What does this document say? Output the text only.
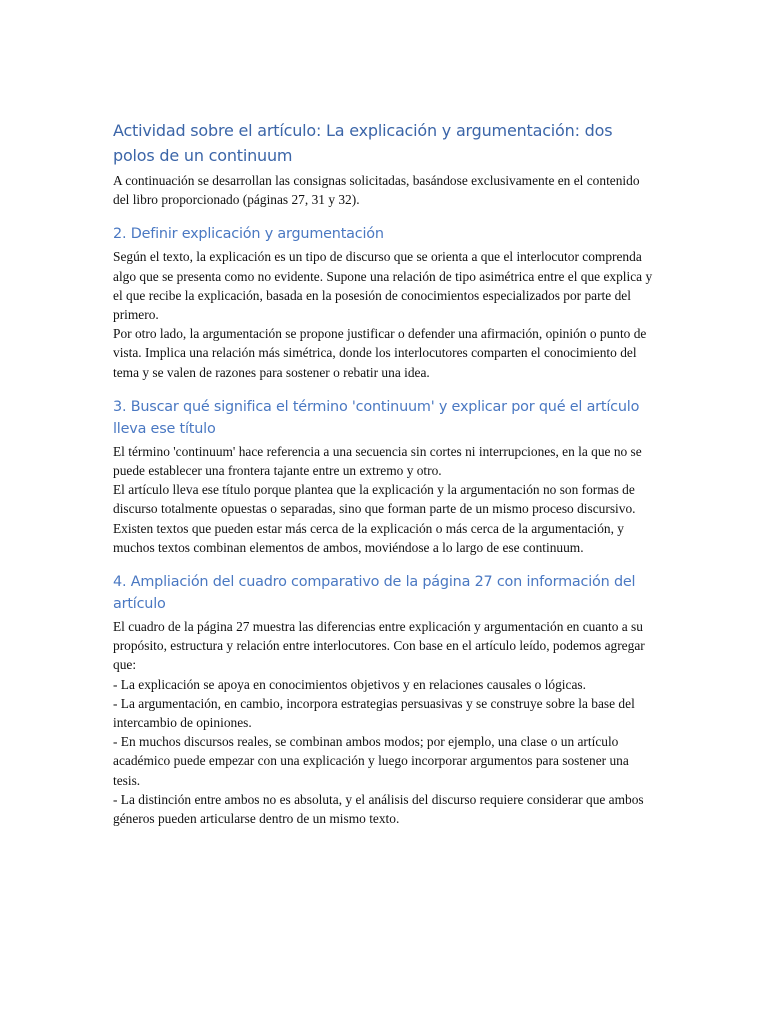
Actividad sobre el artículo: La explicación y argumentación: dos polos de un continuum

A continuación se desarrollan las consignas solicitadas, basándose exclusivamente en el contenido del libro proporcionado (páginas 27, 31 y 32).

2. Definir explicación y argumentación

Según el texto, la explicación es un tipo de discurso que se orienta a que el interlocutor comprenda algo que se presenta como no evidente. Supone una relación de tipo asimétrica entre el que explica y el que recibe la explicación, basada en la posesión de conocimientos especializados por parte del primero.

Por otro lado, la argumentación se propone justificar o defender una afirmación, opinión o punto de vista. Implica una relación más simétrica, donde los interlocutores comparten el conocimiento del tema y se valen de razones para sostener o rebatir una idea.

3. Buscar qué significa el término 'continuum' y explicar por qué el artículo lleva ese título

El término 'continuum' hace referencia a una secuencia sin cortes ni interrupciones, en la que no se puede establecer una frontera tajante entre un extremo y otro.

El artículo lleva ese título porque plantea que la explicación y la argumentación no son formas de discurso totalmente opuestas o separadas, sino que forman parte de un mismo proceso discursivo. Existen textos que pueden estar más cerca de la explicación o más cerca de la argumentación, y muchos textos combinan elementos de ambos, moviéndose a lo largo de ese continuum.

4. Ampliación del cuadro comparativo de la página 27 con información del artículo

El cuadro de la página 27 muestra las diferencias entre explicación y argumentación en cuanto a su propósito, estructura y relación entre interlocutores. Con base en el artículo leído, podemos agregar que:

- La explicación se apoya en conocimientos objetivos y en relaciones causales o lógicas.

- La argumentación, en cambio, incorpora estrategias persuasivas y se construye sobre la base del intercambio de opiniones.

- En muchos discursos reales, se combinan ambos modos; por ejemplo, una clase o un artículo académico puede empezar con una explicación y luego incorporar argumentos para sostener una tesis.

- La distinción entre ambos no es absoluta, y el análisis del discurso requiere considerar que ambos géneros pueden articularse dentro de un mismo texto.
